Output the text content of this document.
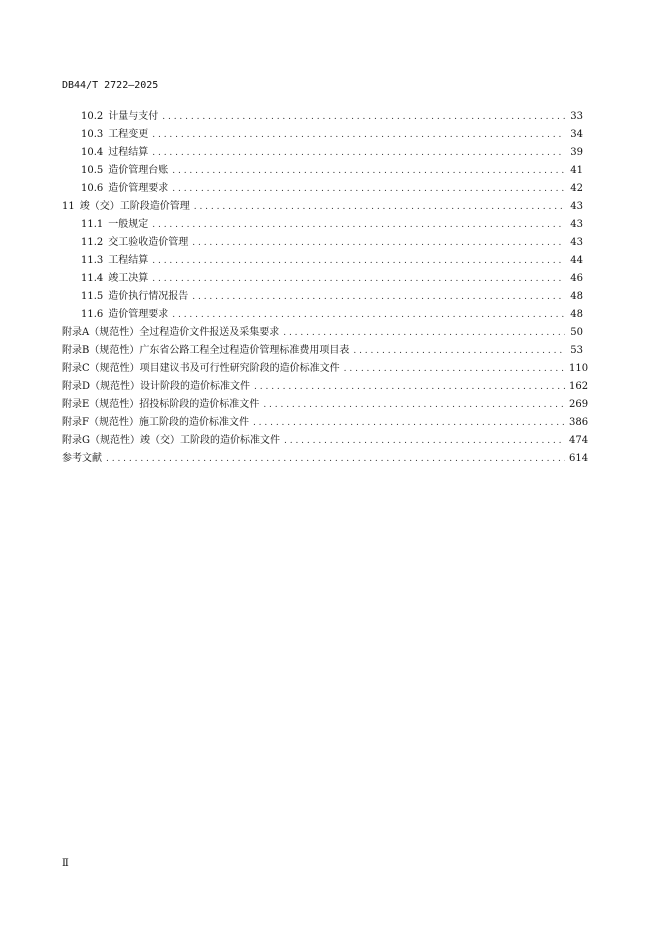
DB44/T 2722—2025
10.2 计量与支付 . . .	33
10.3 工程变更 . . .	34
10.4 过程结算 . . .	39
10.5 造价管理台账 . . .	41
10.6 造价管理要求 . . .	42
11 竣（交）工阶段造价管理 . . .	43
11.1 一般规定 . . .	43
11.2 交工验收造价管理 . . .	43
11.3 工程结算 . . .	44
11.4 竣工决算 . . .	46
11.5 造价执行情况报告 . . .	48
11.6 造价管理要求 . . .	48
附录A（规范性）全过程造价文件报送及采集要求 . . .	50
附录B（规范性）广东省公路工程全过程造价管理标准费用项目表 . . .	53
附录C（规范性）项目建议书及可行性研究阶段的造价标准文件 . . .	110
附录D（规范性）设计阶段的造价标准文件 . . .	162
附录E（规范性）招投标阶段的造价标准文件 . . .	269
附录F（规范性）施工阶段的造价标准文件 . . .	386
附录G（规范性）竣（交）工阶段的造价标准文件 . . .	474
参考文献 . . .	614
Ⅱ
